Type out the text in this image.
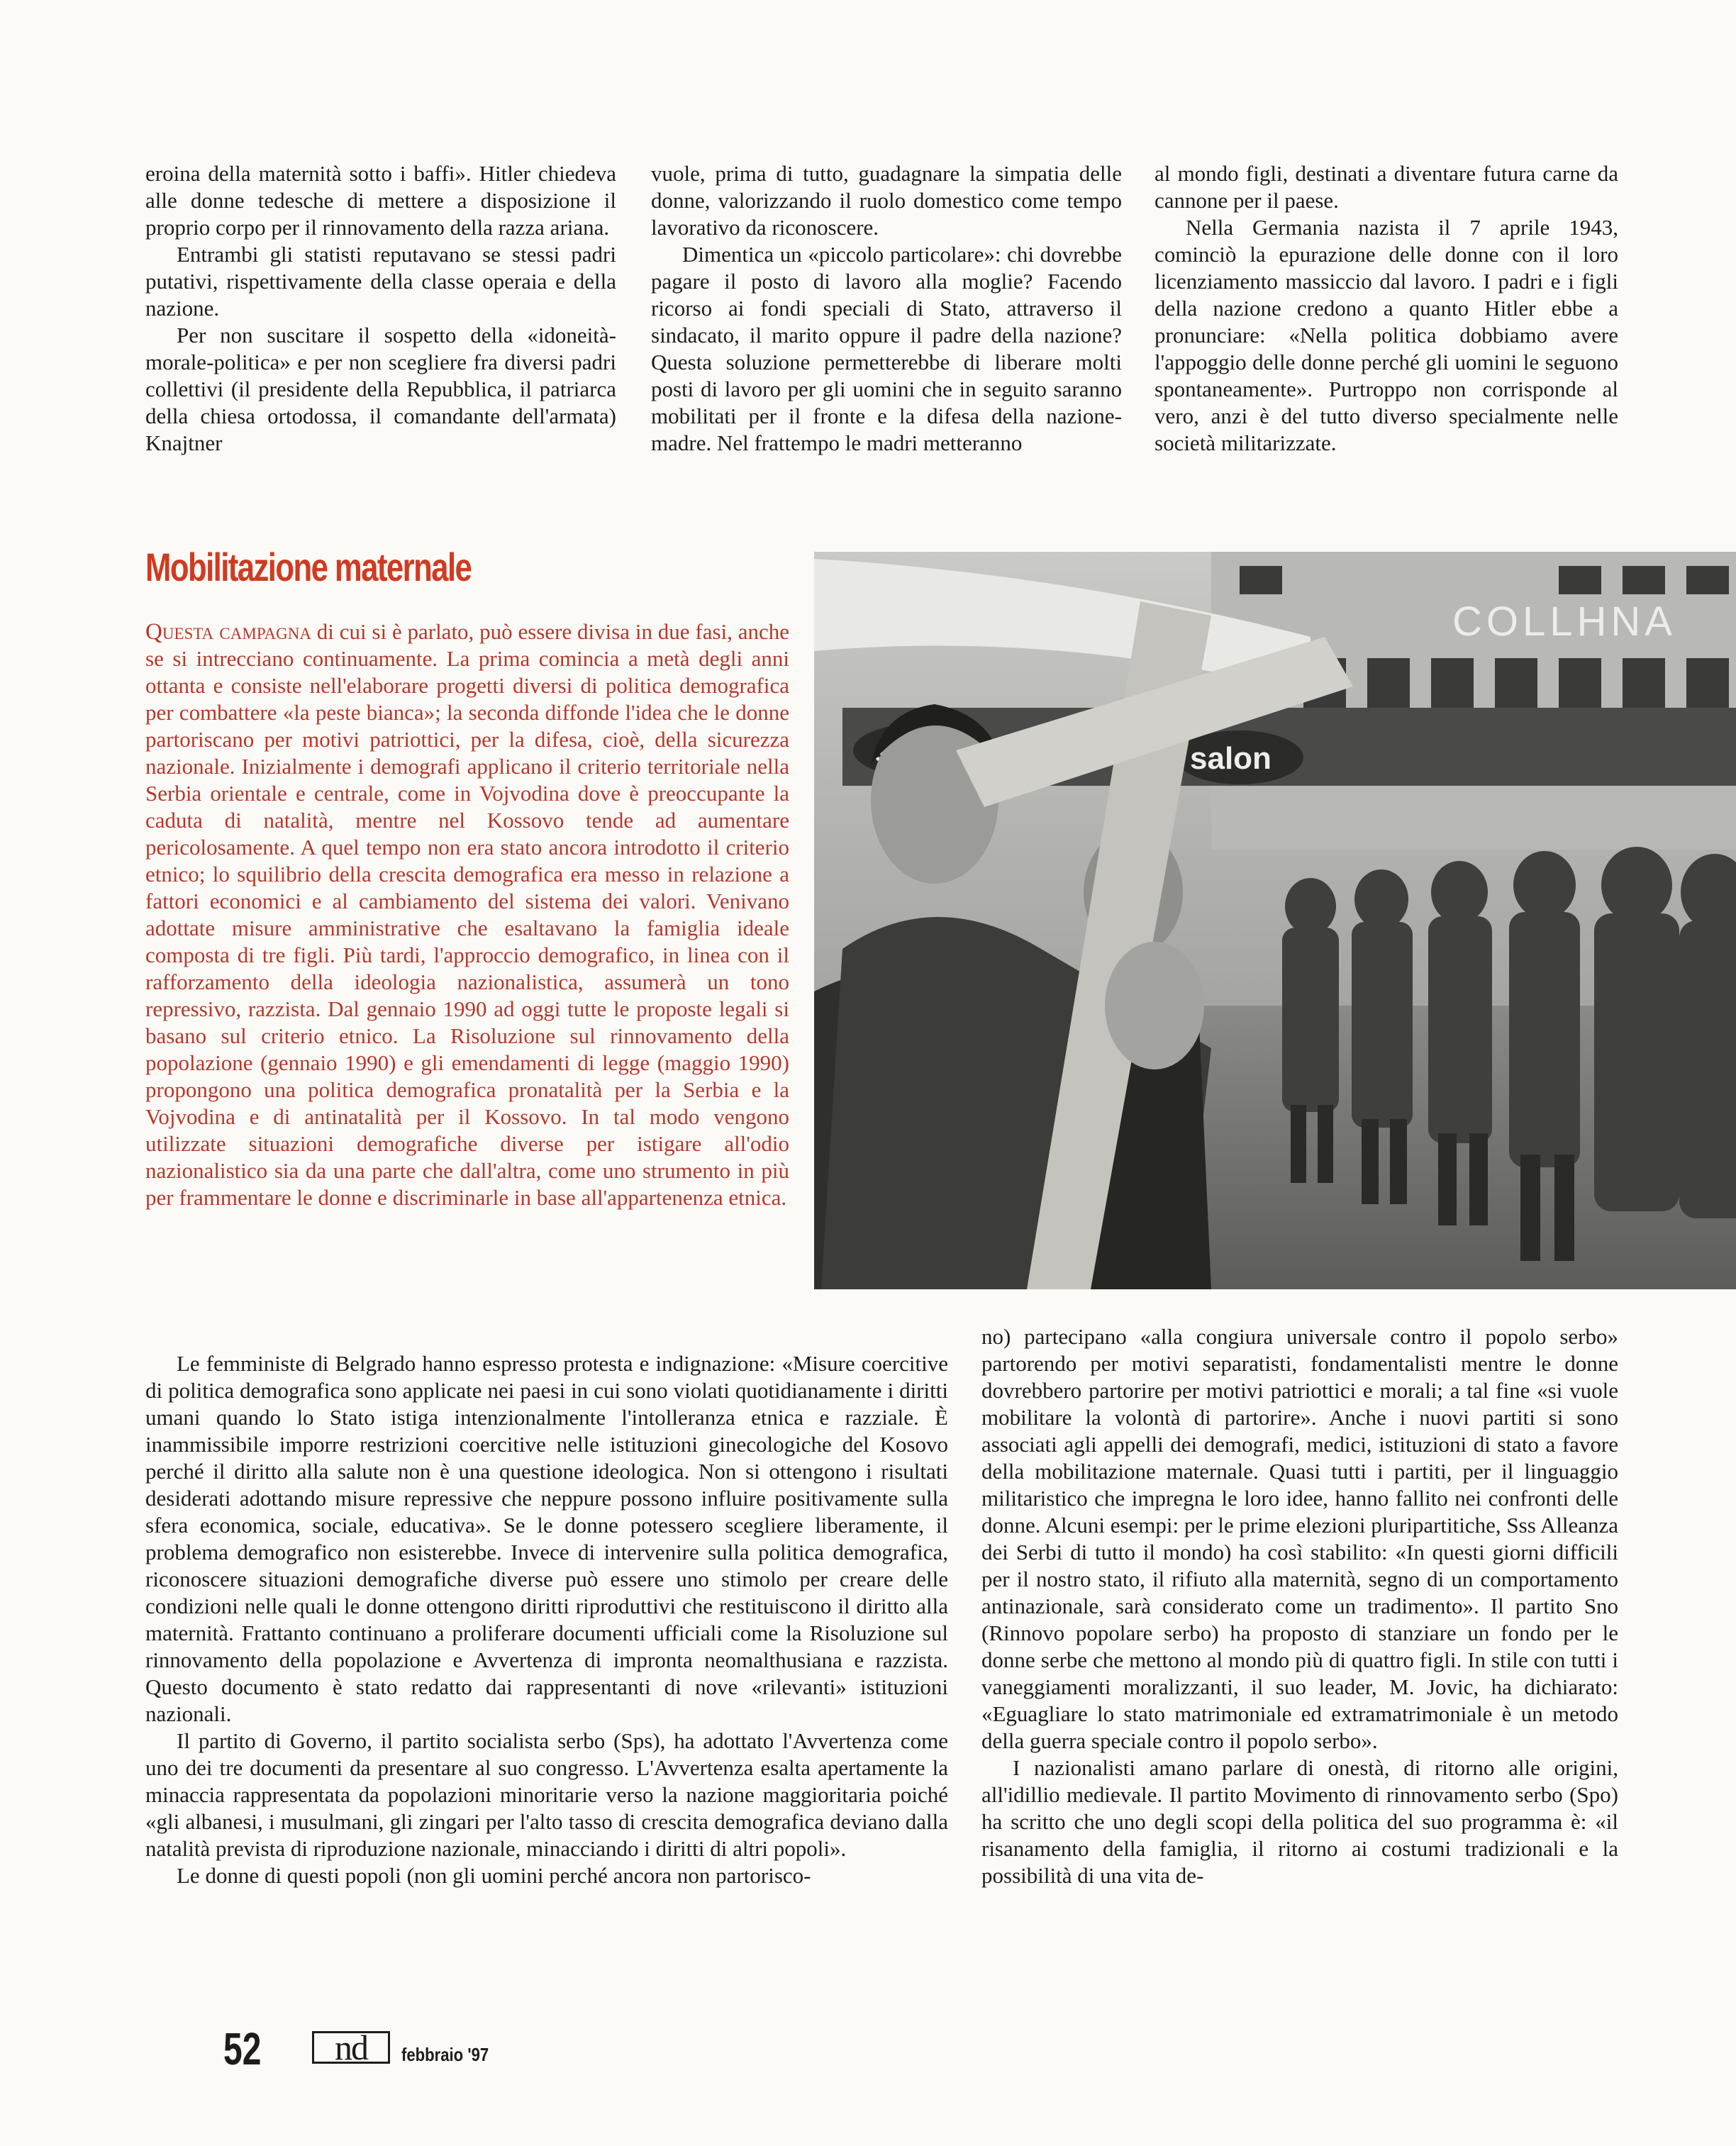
eroina della maternità sotto i baffi». Hitler chiedeva alle donne tedesche di mettere a disposizione il proprio corpo per il rinnovamento della razza ariana.

Entrambi gli statisti reputavano se stessi padri putativi, rispettivamente della classe operaia e della nazione.

Per non suscitare il sospetto della «idoneità-morale-politica» e per non scegliere fra diversi padri collettivi (il presidente della Repubblica, il patriarca della chiesa ortodossa, il comandante dell'armata) Knajtner

vuole, prima di tutto, guadagnare la simpatia delle donne, valorizzando il ruolo domestico come tempo lavorativo da riconoscere.

Dimentica un «piccolo particolare»: chi dovrebbe pagare il posto di lavoro alla moglie? Facendo ricorso ai fondi speciali di Stato, attraverso il sindacato, il marito oppure il padre della nazione? Questa soluzione permetterebbe di liberare molti posti di lavoro per gli uomini che in seguito saranno mobilitati per il fronte e la difesa della nazione-madre. Nel frattempo le madri metteranno

al mondo figli, destinati a diventare futura carne da cannone per il paese.

Nella Germania nazista il 7 aprile 1943, cominciò la epurazione delle donne con il loro licenziamento massiccio dal lavoro. I padri e i figli della nazione credono a quanto Hitler ebbe a pronunciare: «Nella politica dobbiamo avere l'appoggio delle donne perché gli uomini le seguono spontaneamente». Purtroppo non corrisponde al vero, anzi è del tutto diverso specialmente nelle società militarizzate.

Mobilitazione maternale

Questa campagna di cui si è parlato, può essere divisa in due fasi, anche se si intrecciano continuamente. La prima comincia a metà degli anni ottanta e consiste nell'elaborare progetti diversi di politica demografica per combattere «la peste bianca»; la seconda diffonde l'idea che le donne partoriscano per motivi patriottici, per la difesa, cioè, della sicurezza nazionale. Inizialmente i demografi applicano il criterio territoriale nella Serbia orientale e centrale, come in Vojvodina dove è preoccupante la caduta di natalità, mentre nel Kossovo tende ad aumentare pericolosamente. A quel tempo non era stato ancora introdotto il criterio etnico; lo squilibrio della crescita demografica era messo in relazione a fattori economici e al cambiamento del sistema dei valori. Venivano adottate misure amministrative che esaltavano la famiglia ideale composta di tre figli. Più tardi, l'approccio demografico, in linea con il rafforzamento della ideologia nazionalistica, assumerà un tono repressivo, razzista. Dal gennaio 1990 ad oggi tutte le proposte legali si basano sul criterio etnico. La Risoluzione sul rinnovamento della popolazione (gennaio 1990) e gli emendamenti di legge (maggio 1990) propongono una politica demografica pronatalità per la Serbia e la Vojvodina e di antinatalità per il Kossovo. In tal modo vengono utilizzate situazioni demografiche diverse per istigare all'odio nazionalistico sia da una parte che dall'altra, come uno strumento in più per frammentare le donne e discriminarle in base all'appartenenza etnica.

COLLHNA
salon

Le femministe di Belgrado hanno espresso protesta e indignazione: «Misure coercitive di politica demografica sono applicate nei paesi in cui sono violati quotidianamente i diritti umani quando lo Stato istiga intenzionalmente l'intolleranza etnica e razziale. È inammissibile imporre restrizioni coercitive nelle istituzioni ginecologiche del Kosovo perché il diritto alla salute non è una questione ideologica. Non si ottengono i risultati desiderati adottando misure repressive che neppure possono influire positivamente sulla sfera economica, sociale, educativa». Se le donne potessero scegliere liberamente, il problema demografico non esisterebbe. Invece di intervenire sulla politica demografica, riconoscere situazioni demografiche diverse può essere uno stimolo per creare delle condizioni nelle quali le donne ottengono diritti riproduttivi che restituiscono il diritto alla maternità. Frattanto continuano a proliferare documenti ufficiali come la Risoluzione sul rinnovamento della popolazione e Avvertenza di impronta neomalthusiana e razzista. Questo documento è stato redatto dai rappresentanti di nove «rilevanti» istituzioni nazionali.

Il partito di Governo, il partito socialista serbo (Sps), ha adottato l'Avvertenza come uno dei tre documenti da presentare al suo congresso. L'Avvertenza esalta apertamente la minaccia rappresentata da popolazioni minoritarie verso la nazione maggioritaria poiché «gli albanesi, i musulmani, gli zingari per l'alto tasso di crescita demografica deviano dalla natalità prevista di riproduzione nazionale, minacciando i diritti di altri popoli».

Le donne di questi popoli (non gli uomini perché ancora non partorisco-

no) partecipano «alla congiura universale contro il popolo serbo» partorendo per motivi separatisti, fondamentalisti mentre le donne dovrebbero partorire per motivi patriottici e morali; a tal fine «si vuole mobilitare la volontà di partorire». Anche i nuovi partiti si sono associati agli appelli dei demografi, medici, istituzioni di stato a favore della mobilitazione maternale. Quasi tutti i partiti, per il linguaggio militaristico che impregna le loro idee, hanno fallito nei confronti delle donne. Alcuni esempi: per le prime elezioni pluripartitiche, Sss Alleanza dei Serbi di tutto il mondo) ha così stabilito: «In questi giorni difficili per il nostro stato, il rifiuto alla maternità, segno di un comportamento antinazionale, sarà considerato come un tradimento». Il partito Sno (Rinnovo popolare serbo) ha proposto di stanziare un fondo per le donne serbe che mettono al mondo più di quattro figli. In stile con tutti i vaneggiamenti moralizzanti, il suo leader, M. Jovic, ha dichiarato: «Eguagliare lo stato matrimoniale ed extramatrimoniale è un metodo della guerra speciale contro il popolo serbo».

I nazionalisti amano parlare di onestà, di ritorno alle origini, all'idillio medievale. Il partito Movimento di rinnovamento serbo (Spo) ha scritto che uno degli scopi della politica del suo programma è: «il risanamento della famiglia, il ritorno ai costumi tradizionali e la possibilità di una vita de-

52	nd	febbraio '97
